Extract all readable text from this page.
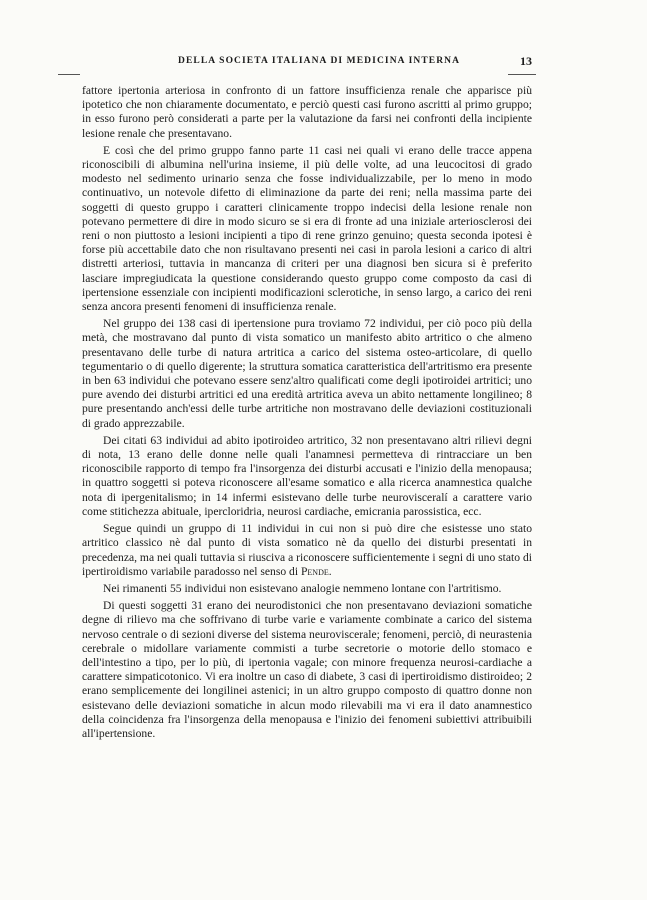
DELLA SOCIETA ITALIANA DI MEDICINA INTERNA	13

fattore ipertonia arteriosa in confronto di un fattore insufficienza renale che apparisce più ipotetico che non chiaramente documentato, e perciò questi casi furono ascritti al primo gruppo; in esso furono però considerati a parte per la valutazione da farsi nei confronti della incipiente lesione renale che presentavano.

E così che del primo gruppo fanno parte 11 casi nei quali vi erano delle tracce appena riconoscibili di albumina nell'urina insieme, il più delle volte, ad una leucocitosi di grado modesto nel sedimento urinario senza che fosse individualizzabile, per lo meno in modo continuativo, un notevole difetto di eliminazione da parte dei reni; nella massima parte dei soggetti di questo gruppo i caratteri clinicamente troppo indecisi della lesione renale non potevano permettere di dire in modo sicuro se si era di fronte ad una iniziale arteriosclerosi dei reni o non piuttosto a lesioni incipienti a tipo di rene grinzo genuino; questa seconda ipotesi è forse più accettabile dato che non risultavano presenti nei casi in parola lesioni a carico di altri distretti arteriosi, tuttavia in mancanza di criteri per una diagnosi ben sicura si è preferito lasciare impregiudicata la questione considerando questo gruppo come composto da casi di ipertensione essenziale con incipienti modificazioni sclerotiche, in senso largo, a carico dei reni senza ancora presenti fenomeni di insufficienza renale.

Nel gruppo dei 138 casi di ipertensione pura troviamo 72 individui, per ciò poco più della metà, che mostravano dal punto di vista somatico un manifesto abito artritico o che almeno presentavano delle turbe di natura artritica a carico del sistema osteo-articolare, di quello tegumentario o di quello digerente; la struttura somatica caratteristica dell'artritismo era presente in ben 63 individui che potevano essere senz'altro qualificati come degli ipotiroidei artritici; uno pure avendo dei disturbi artritici ed una eredità artritica aveva un abito nettamente longilineo; 8 pure presentando anch'essi delle turbe artritiche non mostravano delle deviazioni costituzionali di grado apprezzabile.

Dei citati 63 individui ad abito ipotiroideo artritico, 32 non presentavano altri rilievi degni di nota, 13 erano delle donne nelle quali l'anamnesi permetteva di rintracciare un ben riconoscibile rapporto di tempo fra l'insorgenza dei disturbi accusati e l'inizio della menopausa; in quattro soggetti si poteva riconoscere all'esame somatico e alla ricerca anamnestica qualche nota di ipergenitalismo; in 14 infermi esistevano delle turbe neurovisceralí a carattere vario come stitichezza abituale, ipercloridria, neurosi cardiache, emicrania parossistica, ecc.

Segue quindi un gruppo di 11 individui in cui non si può dire che esistesse uno stato artritico classico nè dal punto di vista somatico nè da quello dei disturbi presentati in precedenza, ma nei quali tuttavia si riusciva a riconoscere sufficientemente i segni di uno stato di ipertiroidismo variabile paradosso nel senso di Pende.

Nei rimanenti 55 individui non esistevano analogie nemmeno lontane con l'artritismo.

Di questi soggetti 31 erano dei neurodistonici che non presentavano deviazioni somatiche degne di rilievo ma che soffrivano di turbe varie e variamente combinate a carico del sistema nervoso centrale o di sezioni diverse del sistema neuroviscerale; fenomeni, perciò, di neurastenia cerebrale o midollare variamente commisti a turbe secretorie o motorie dello stomaco e dell'intestino a tipo, per lo più, di ipertonia vagale; con minore frequenza neurosi-cardiache a carattere simpaticotonico. Vi era inoltre un caso di diabete, 3 casi di ipertiroidismo distiroideo; 2 erano semplicemente dei longilinei astenici; in un altro gruppo composto di quattro donne non esistevano delle deviazioni somatiche in alcun modo rilevabili ma vi era il dato anamnestico della coincidenza fra l'insorgenza della menopausa e l'inizio dei fenomeni subiettivi attribuibili all'ipertensione.
